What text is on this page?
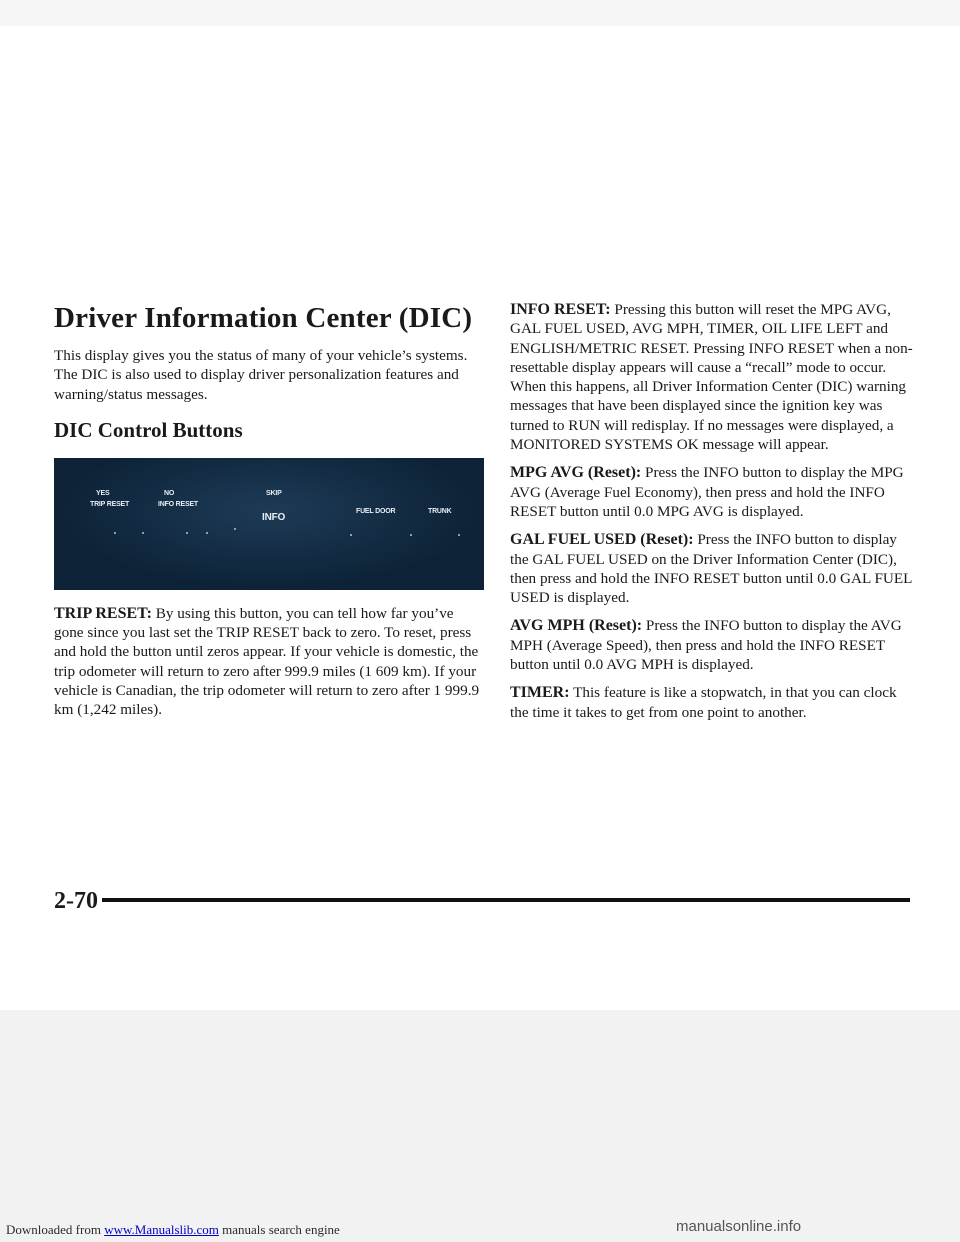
Driver Information Center (DIC)

This display gives you the status of many of your vehicle’s systems. The DIC is also used to display driver personalization features and warning/status messages.

DIC Control Buttons
YES	NO
TRIP RESET	INFO RESET
SKIP
INFO
FUEL DOOR	TRUNK

TRIP RESET: By using this button, you can tell how far you’ve gone since you last set the TRIP RESET back to zero. To reset, press and hold the button until zeros appear. If your vehicle is domestic, the trip odometer will return to zero after 999.9 miles (1 609 km). If your vehicle is Canadian, the trip odometer will return to zero after 1 999.9 km (1,242 miles).

INFO RESET: Pressing this button will reset the MPG AVG, GAL FUEL USED, AVG MPH, TIMER, OIL LIFE LEFT and ENGLISH/METRIC RESET. Pressing INFO RESET when a non-resettable display appears will cause a “recall” mode to occur. When this happens, all Driver Information Center (DIC) warning messages that have been displayed since the ignition key was turned to RUN will redisplay. If no messages were displayed, a MONITORED SYSTEMS OK message will appear.

MPG AVG (Reset): Press the INFO button to display the MPG AVG (Average Fuel Economy), then press and hold the INFO RESET button until 0.0 MPG AVG is displayed.

GAL FUEL USED (Reset): Press the INFO button to display the GAL FUEL USED on the Driver Information Center (DIC), then press and hold the INFO RESET button until 0.0 GAL FUEL USED is displayed.

AVG MPH (Reset): Press the INFO button to display the AVG MPH (Average Speed), then press and hold the INFO RESET button until 0.0 AVG MPH is displayed.

TIMER: This feature is like a stopwatch, in that you can clock the time it takes to get from one point to another.

2-70
Downloaded from www.Manualslib.com manuals search engine	manualsonline.info
